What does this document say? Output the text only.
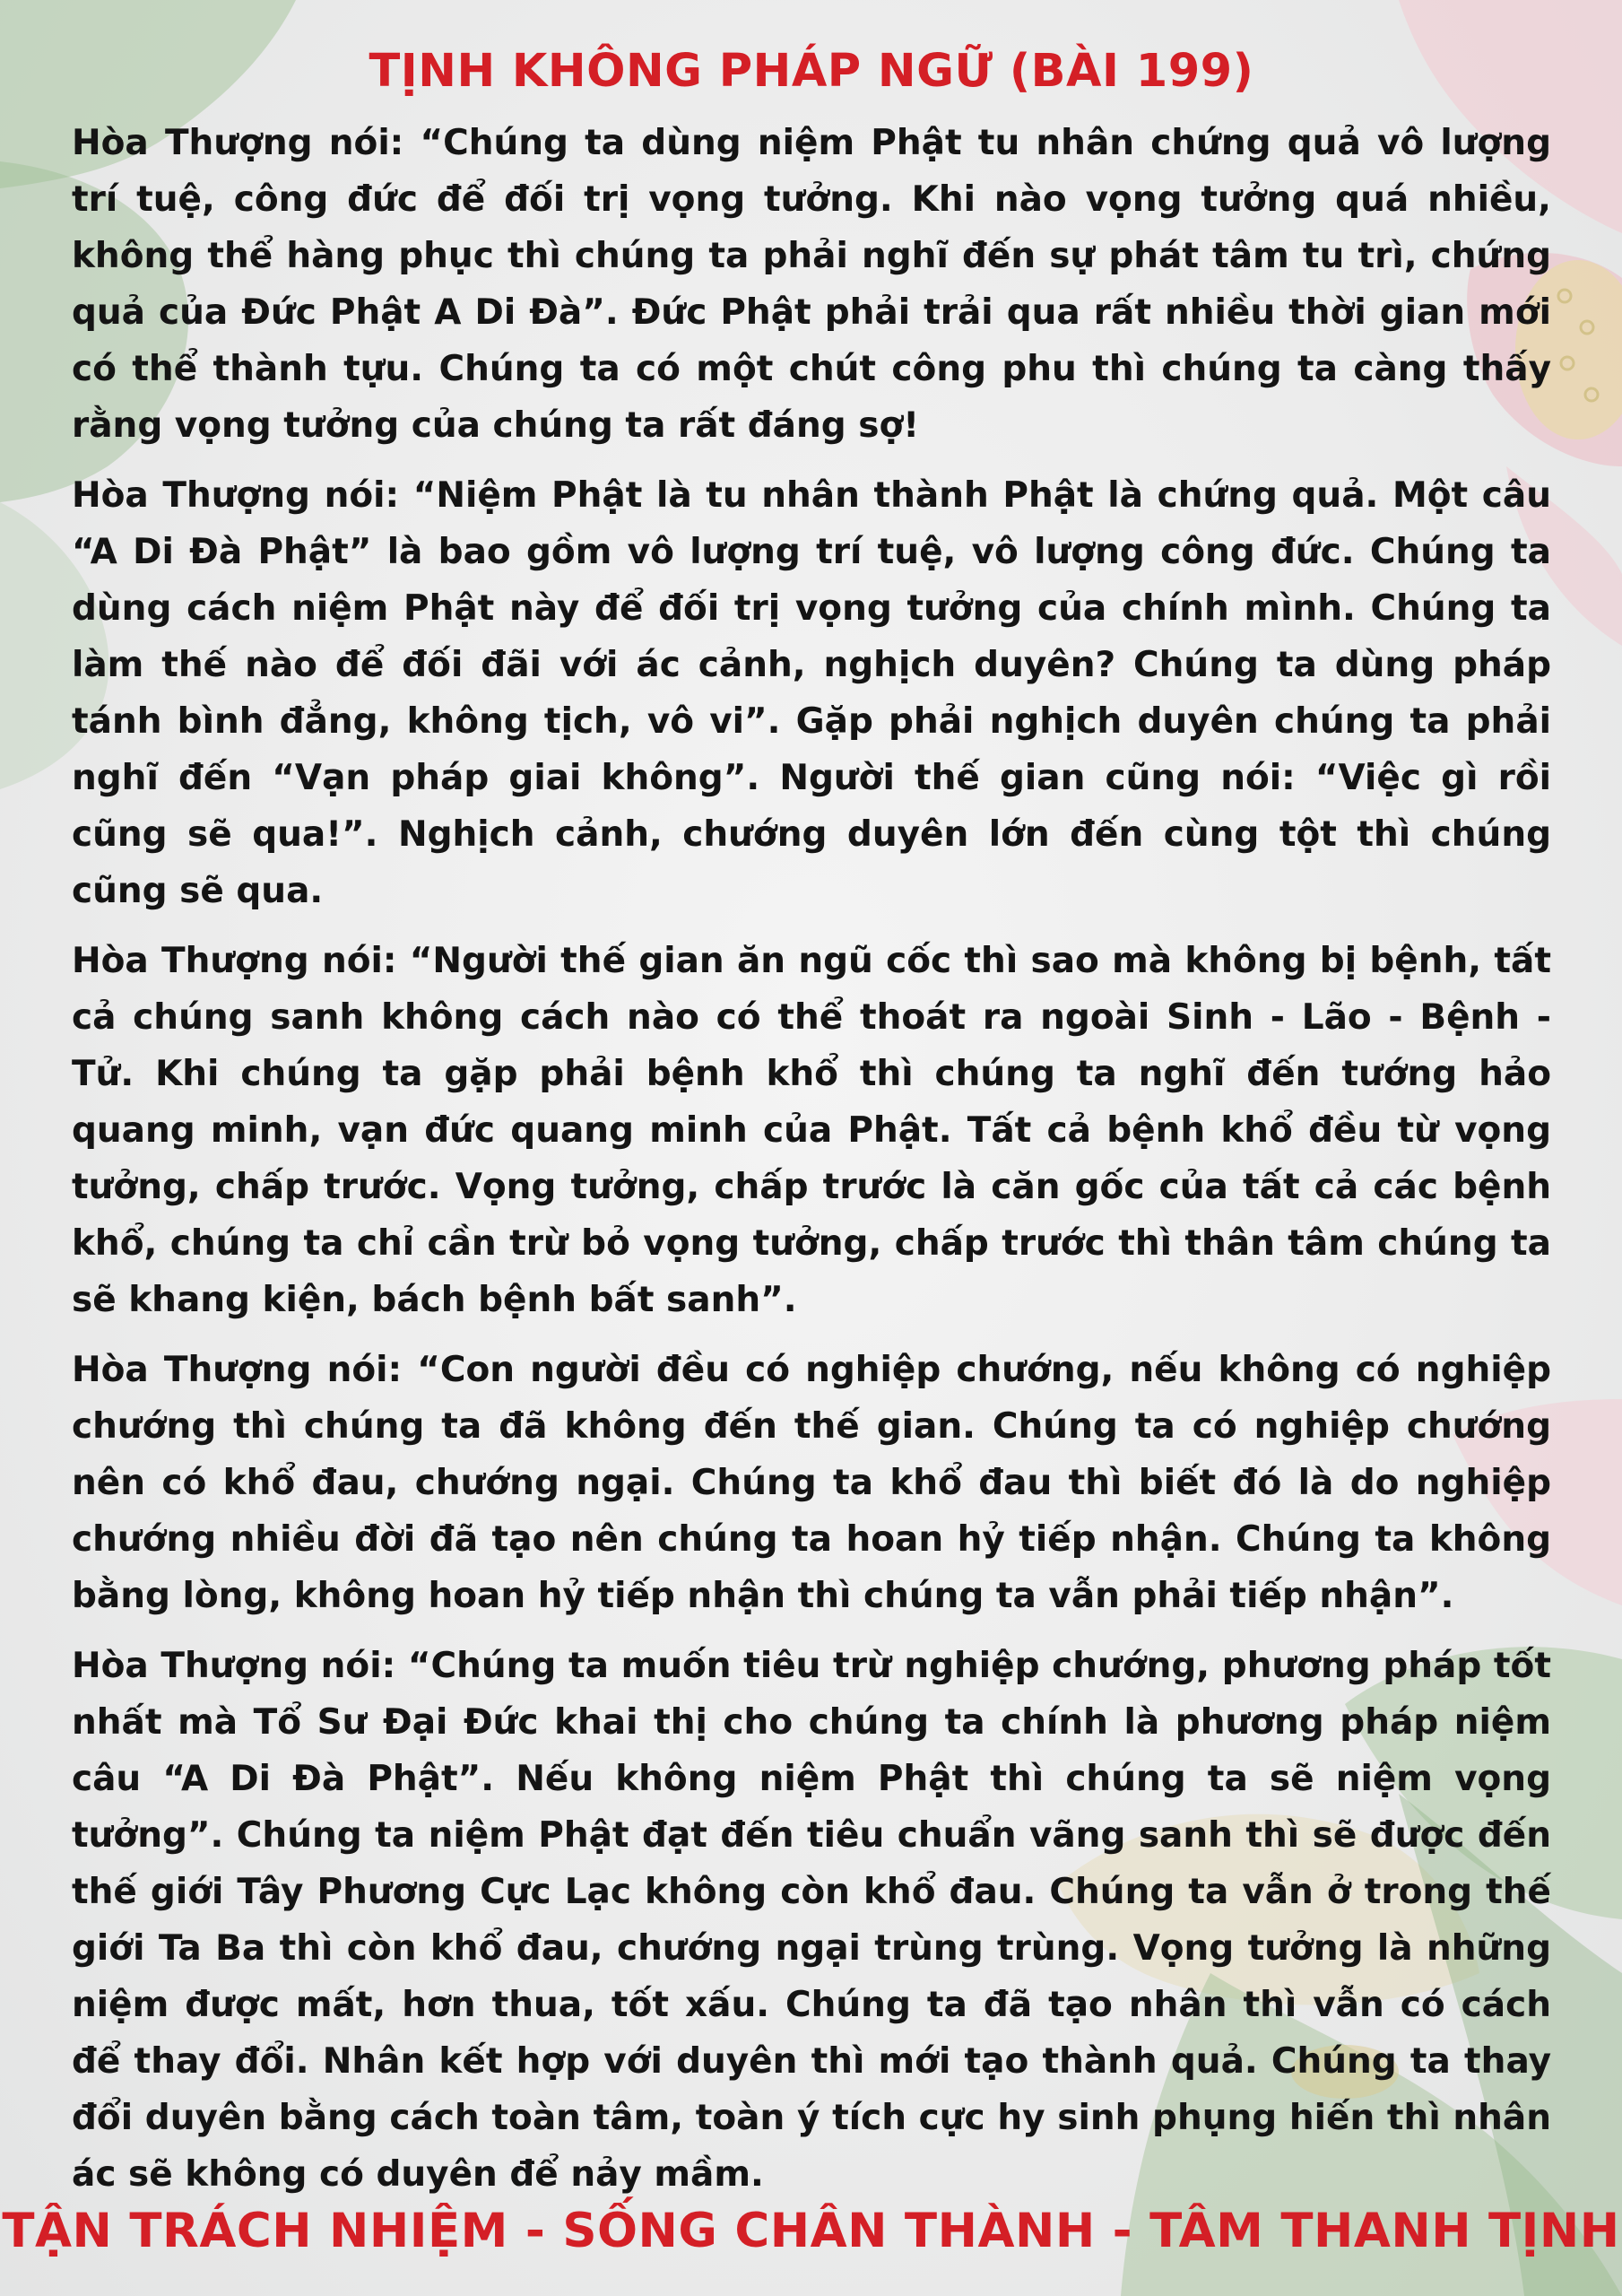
TỊNH KHÔNG PHÁP NGỮ (BÀI 199)

Hòa Thượng nói: “Chúng ta dùng niệm Phật tu nhân chứng quả vô lượng trí tuệ, công đức để đối trị vọng tưởng. Khi nào vọng tưởng quá nhiều, không thể hàng phục thì chúng ta phải nghĩ đến sự phát tâm tu trì, chứng quả của Đức Phật A Di Đà”. Đức Phật phải trải qua rất nhiều thời gian mới có thể thành tựu. Chúng ta có một chút công phu thì chúng ta càng thấy rằng vọng tưởng của chúng ta rất đáng sợ!

Hòa Thượng nói: “Niệm Phật là tu nhân thành Phật là chứng quả. Một câu “A Di Đà Phật” là bao gồm vô lượng trí tuệ, vô lượng công đức. Chúng ta dùng cách niệm Phật này để đối trị vọng tưởng của chính mình. Chúng ta làm thế nào để đối đãi với ác cảnh, nghịch duyên? Chúng ta dùng pháp tánh bình đẳng, không tịch, vô vi”. Gặp phải nghịch duyên chúng ta phải nghĩ đến “Vạn pháp giai không”. Người thế gian cũng nói: “Việc gì rồi cũng sẽ qua!”. Nghịch cảnh, chướng duyên lớn đến cùng tột thì chúng cũng sẽ qua.

Hòa Thượng nói: “Người thế gian ăn ngũ cốc thì sao mà không bị bệnh, tất cả chúng sanh không cách nào có thể thoát ra ngoài Sinh - Lão - Bệnh - Tử. Khi chúng ta gặp phải bệnh khổ thì chúng ta nghĩ đến tướng hảo quang minh, vạn đức quang minh của Phật. Tất cả bệnh khổ đều từ vọng tưởng, chấp trước. Vọng tưởng, chấp trước là căn gốc của tất cả các bệnh khổ, chúng ta chỉ cần trừ bỏ vọng tưởng, chấp trước thì thân tâm chúng ta sẽ khang kiện, bách bệnh bất sanh”.

Hòa Thượng nói: “Con người đều có nghiệp chướng, nếu không có nghiệp chướng thì chúng ta đã không đến thế gian. Chúng ta có nghiệp chướng nên có khổ đau, chướng ngại. Chúng ta khổ đau thì biết đó là do nghiệp chướng nhiều đời đã tạo nên chúng ta hoan hỷ tiếp nhận. Chúng ta không bằng lòng, không hoan hỷ tiếp nhận thì chúng ta vẫn phải tiếp nhận”.

Hòa Thượng nói: “Chúng ta muốn tiêu trừ nghiệp chướng, phương pháp tốt nhất mà Tổ Sư Đại Đức khai thị cho chúng ta chính là phương pháp niệm câu “A Di Đà Phật”. Nếu không niệm Phật thì chúng ta sẽ niệm vọng tưởng”. Chúng ta niệm Phật đạt đến tiêu chuẩn vãng sanh thì sẽ được đến thế giới Tây Phương Cực Lạc không còn khổ đau. Chúng ta vẫn ở trong thế giới Ta Ba thì còn khổ đau, chướng ngại trùng trùng. Vọng tưởng là những niệm được mất, hơn thua, tốt xấu. Chúng ta đã tạo nhân thì vẫn có cách để thay đổi. Nhân kết hợp với duyên thì mới tạo thành quả. Chúng ta thay đổi duyên bằng cách toàn tâm, toàn ý tích cực hy sinh phụng hiến thì nhân ác sẽ không có duyên để nảy mầm.

TẬN TRÁCH NHIỆM - SỐNG CHÂN THÀNH - TÂM THANH TỊNH
